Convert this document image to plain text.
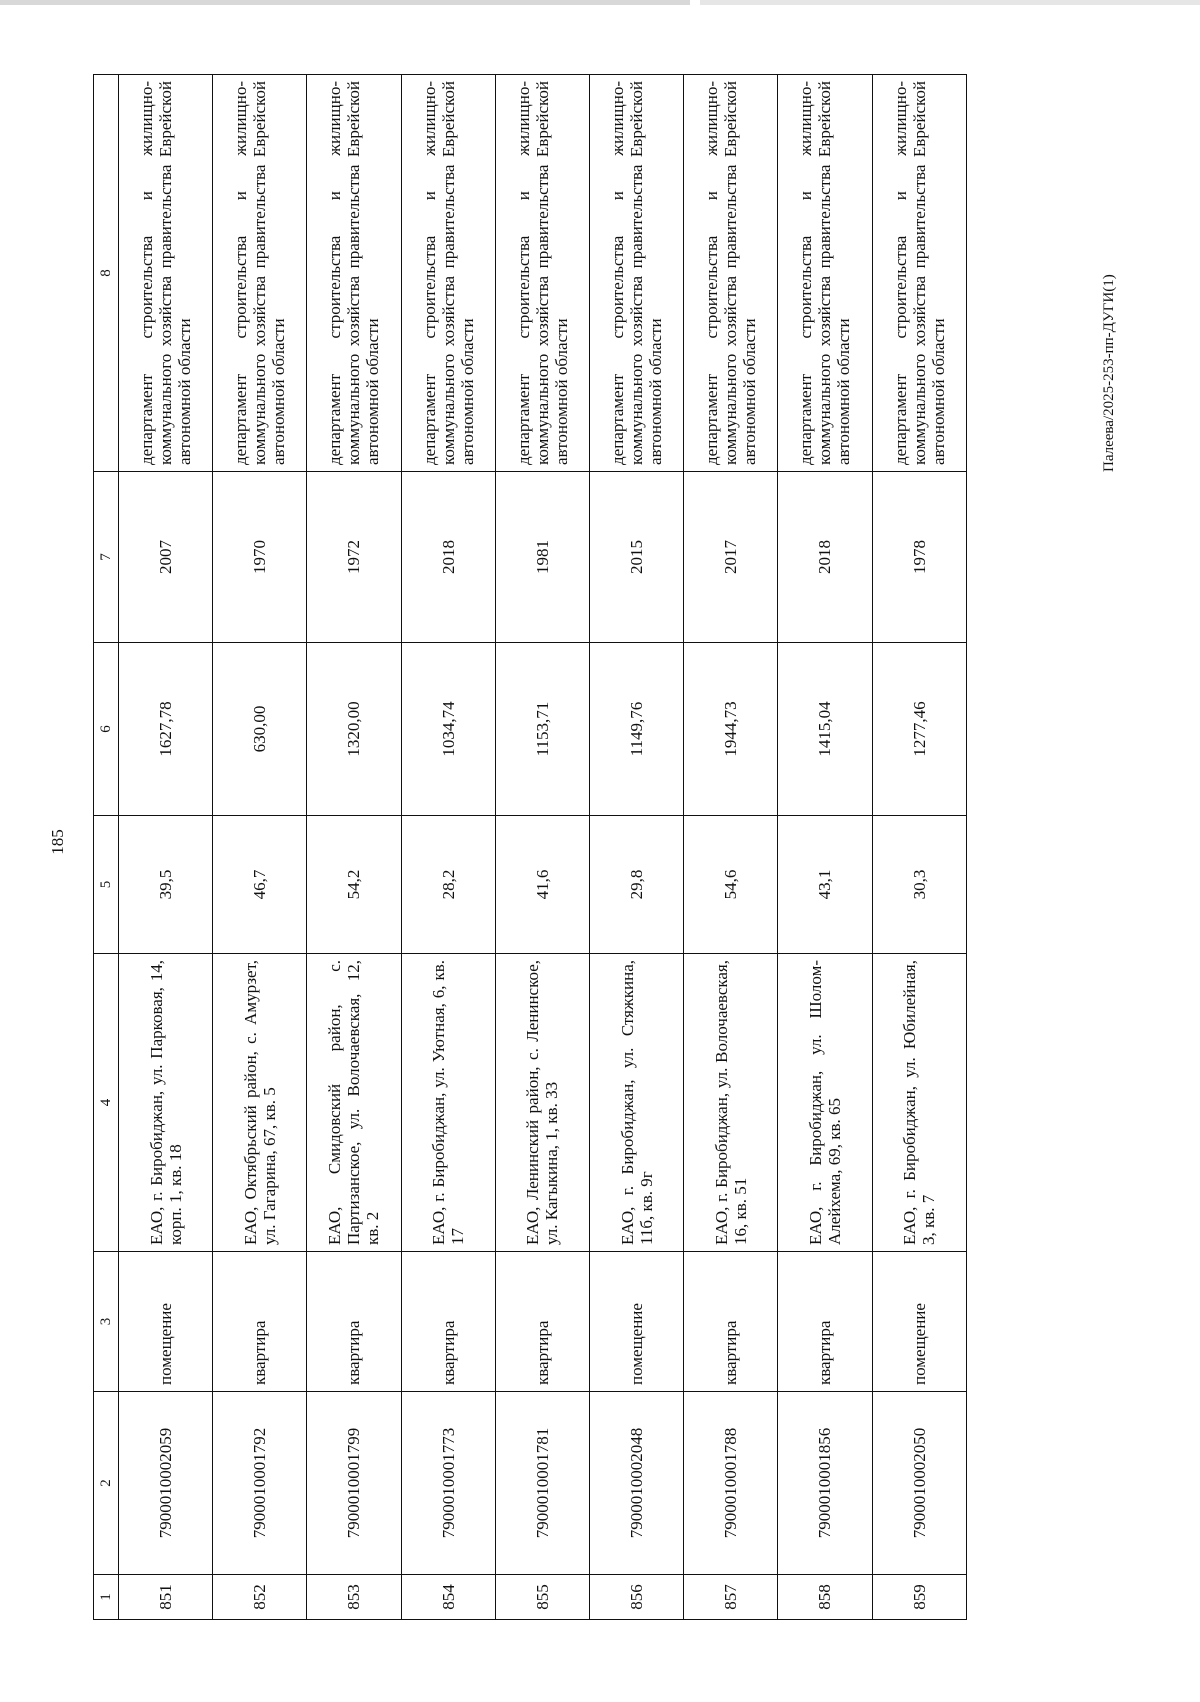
185
1	2	3	4	5	6	7	8
851	7900010002059	помещение	ЕАО, г. Биробиджан, ул. Парковая, 14, корп. 1, кв. 18	39,5	1627,78	2007	департамент строительства и жилищно-коммунального хозяйства правительства Еврейской автономной области
852	7900010001792	квартира	ЕАО, Октябрьский район, с. Амурзет, ул. Гагарина, 67, кв. 5	46,7	630,00	1970	департамент строительства и жилищно-коммунального хозяйства правительства Еврейской автономной области
853	7900010001799	квартира	ЕАО, Смидовский район, с. Партизанское, ул. Волочаевская, 12, кв. 2	54,2	1320,00	1972	департамент строительства и жилищно-коммунального хозяйства правительства Еврейской автономной области
854	7900010001773	квартира	ЕАО, г. Биробиджан, ул. Уютная, 6, кв. 17	28,2	1034,74	2018	департамент строительства и жилищно-коммунального хозяйства правительства Еврейской автономной области
855	7900010001781	квартира	ЕАО, Ленинский район, с. Ленинское, ул. Кагыкина, 1, кв. 33	41,6	1153,71	1981	департамент строительства и жилищно-коммунального хозяйства правительства Еврейской автономной области
856	7900010002048	помещение	ЕАО, г. Биробиджан, ул. Стяжкина, 11б, кв. 9г	29,8	1149,76	2015	департамент строительства и жилищно-коммунального хозяйства правительства Еврейской автономной области
857	7900010001788	квартира	ЕАО, г. Биробиджан, ул. Волочаевская, 16, кв. 51	54,6	1944,73	2017	департамент строительства и жилищно-коммунального хозяйства правительства Еврейской автономной области
858	7900010001856	квартира	ЕАО, г. Биробиджан, ул. Шолом-Алейхема, 69, кв. 65	43,1	1415,04	2018	департамент строительства и жилищно-коммунального хозяйства правительства Еврейской автономной области
859	7900010002050	помещение	ЕАО, г. Биробиджан, ул. Юбилейная, 3, кв. 7	30,3	1277,46	1978	департамент строительства и жилищно-коммунального хозяйства правительства Еврейской автономной области	Палеева/2025-253-пп-ДУГИ(1)
